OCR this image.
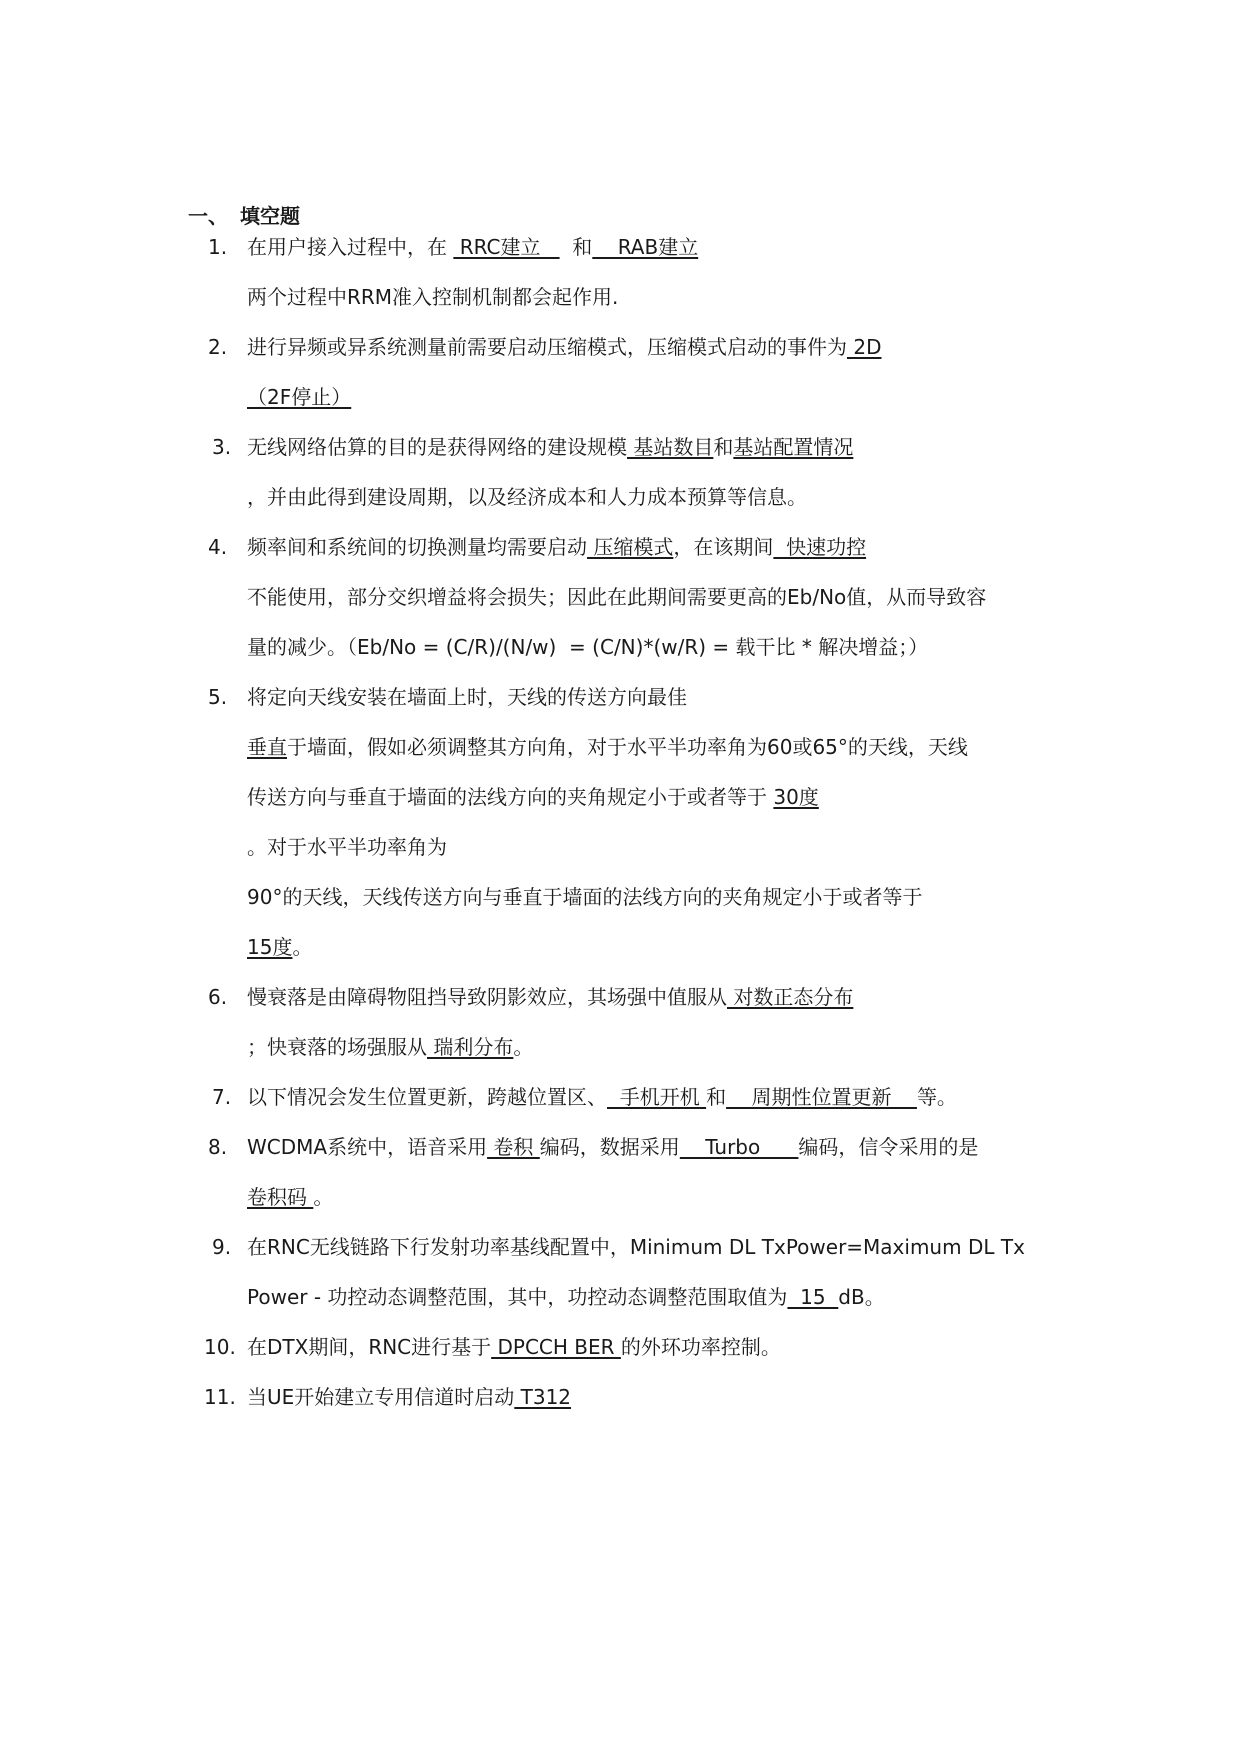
一、 填空题
1. 在用户接入过程中，在  RRC建立     和    RAB建立
两个过程中RRM准入控制机制都会起作用.
2. 进行异频或异系统测量前需要启动压缩模式，压缩模式启动的事件为 2D
（2F停止）
3. 无线网络估算的目的是获得网络的建设规模 基站数目和基站配置情况
，并由此得到建设周期，以及经济成本和人力成本预算等信息。
4. 频率间和系统间的切换测量均需要启动 压缩模式，在该期间  快速功控
不能使用，部分交织增益将会损失；因此在此期间需要更高的Eb/No值，从而导致容
量的减少。（Eb/No = (C/R)/(N/w)  = (C/N)*(w/R) = 载干比 * 解决增益；）
5. 将定向天线安装在墙面上时，天线的传送方向最佳
垂直于墙面，假如必须调整其方向角，对于水平半功率角为60或65°的天线，天线
传送方向与垂直于墙面的法线方向的夹角规定小于或者等于 30度
。对于水平半功率角为
90°的天线，天线传送方向与垂直于墙面的法线方向的夹角规定小于或者等于
15度。
6. 慢衰落是由障碍物阻挡导致阴影效应，其场强中值服从 对数正态分布
；快衰落的场强服从 瑞利分布。
7. 以下情况会发生位置更新，跨越位置区、  手机开机 和    周期性位置更新    等。
8. WCDMA系统中，语音采用 卷积 编码，数据采用    Turbo      编码，信令采用的是
卷积码 。
9. 在RNC无线链路下行发射功率基线配置中，Minimum DL TxPower=Maximum DL Tx
Power - 功控动态调整范围，其中，功控动态调整范围取值为  15  dB。
10. 在DTX期间，RNC进行基于 DPCCH BER 的外环功率控制。
11. 当UE开始建立专用信道时启动 T312
